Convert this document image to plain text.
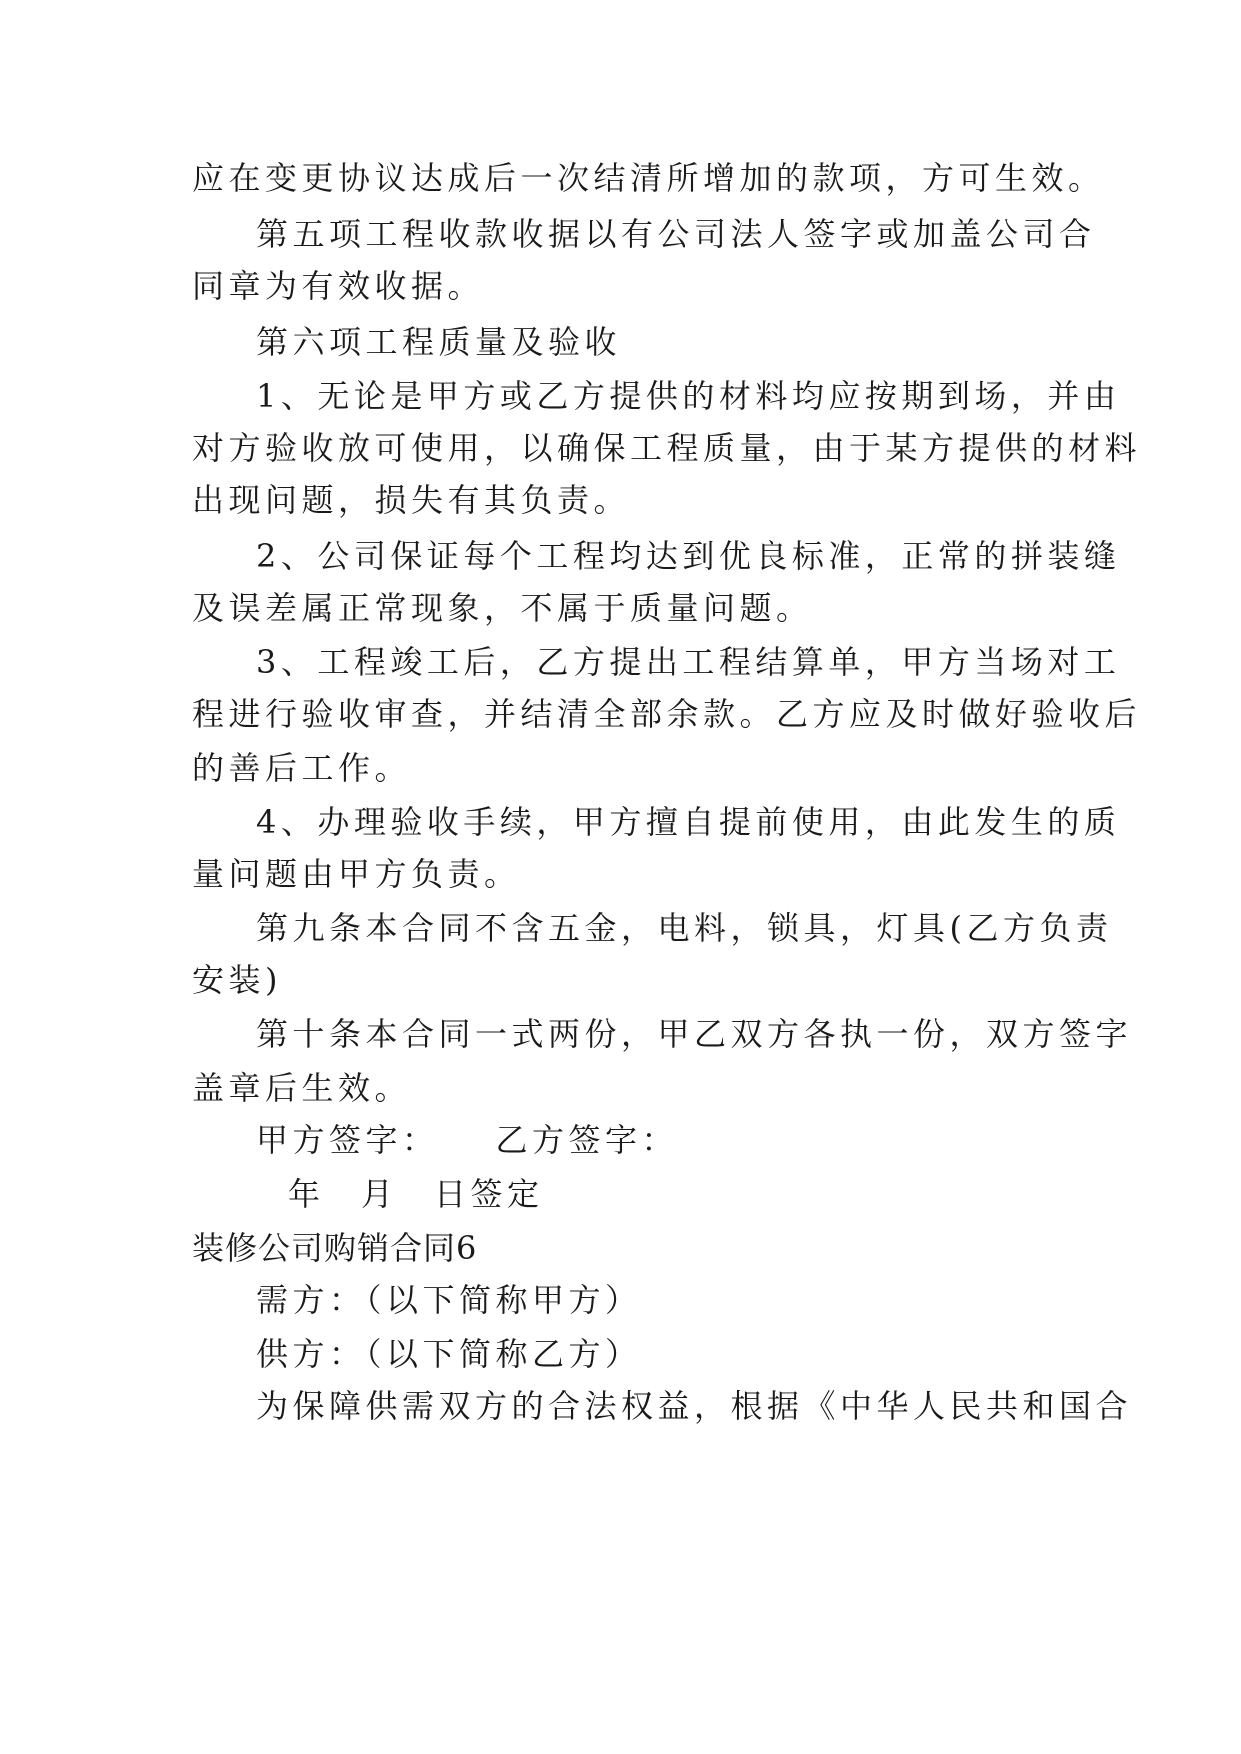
应在变更协议达成后一次结清所增加的款项，方可生效。
第五项工程收款收据以有公司法人签字或加盖公司合
同章为有效收据。
第六项工程质量及验收
1、无论是甲方或乙方提供的材料均应按期到场，并由
对方验收放可使用，以确保工程质量，由于某方提供的材料
出现问题，损失有其负责。
2、公司保证每个工程均达到优良标准，正常的拼装缝
及误差属正常现象，不属于质量问题。
3、工程竣工后，乙方提出工程结算单，甲方当场对工
程进行验收审查，并结清全部余款。乙方应及时做好验收后
的善后工作。
4、办理验收手续，甲方擅自提前使用，由此发生的质
量问题由甲方负责。
第九条本合同不含五金，电料，锁具，灯具(乙方负责
安装)
第十条本合同一式两份，甲乙双方各执一份，双方签字
盖章后生效。
甲方签字：　　乙方签字：
年　月　日签定
装修公司购销合同6
需方：（以下简称甲方）
供方：（以下简称乙方）
为保障供需双方的合法权益，根据《中华人民共和国合
